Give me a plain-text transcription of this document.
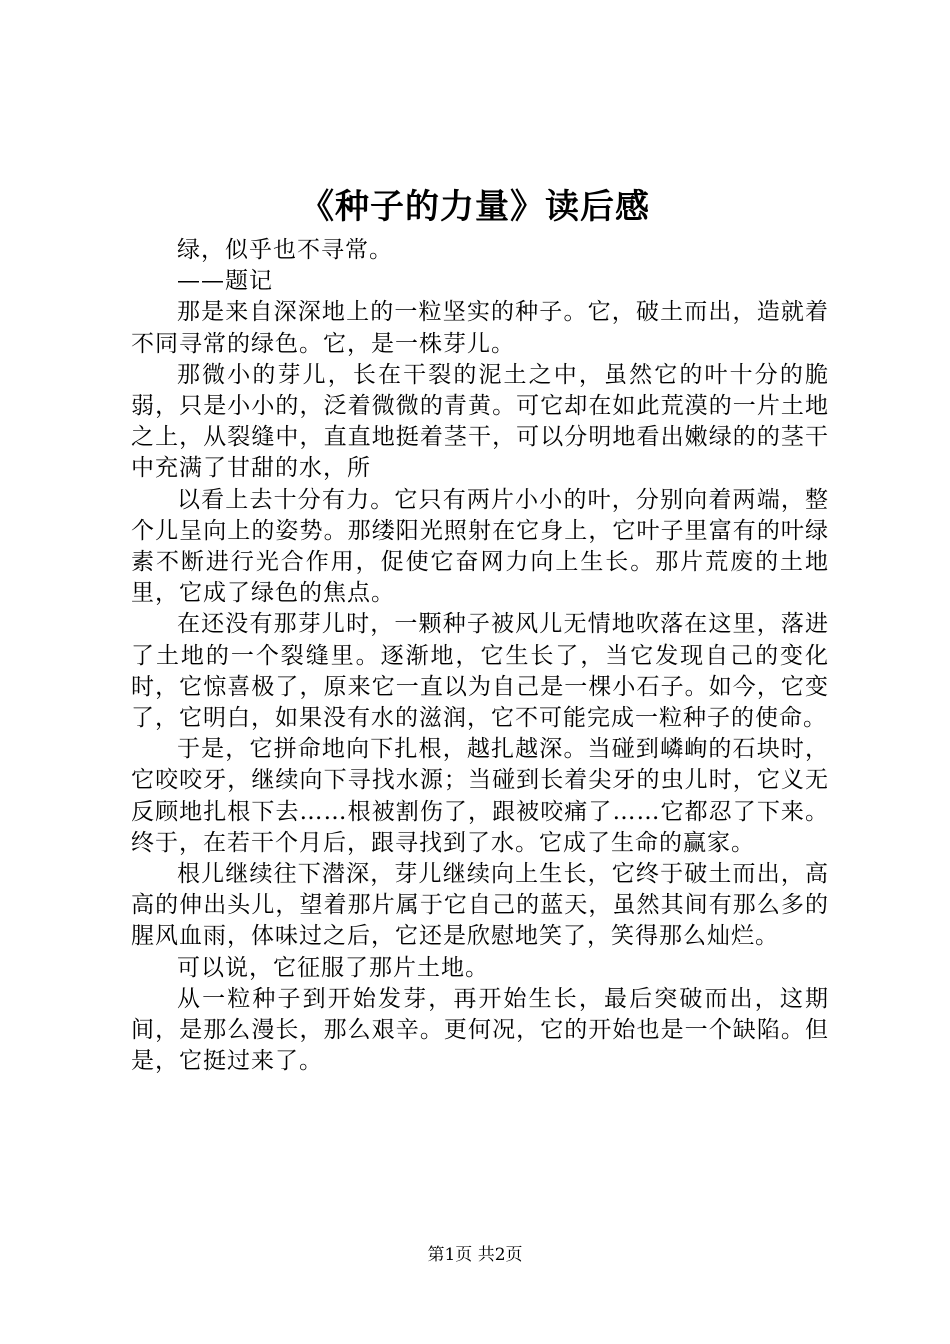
《种子的力量》读后感

绿，似乎也不寻常。

——题记

那是来自深深地上的一粒坚实的种子。它，破土而出，造就着不同寻常的绿色。它，是一株芽儿。

那微小的芽儿，长在干裂的泥土之中，虽然它的叶十分的脆弱，只是小小的，泛着微微的青黄。可它却在如此荒漠的一片土地之上，从裂缝中，直直地挺着茎干，可以分明地看出嫩绿的的茎干中充满了甘甜的水，所

以看上去十分有力。它只有两片小小的叶，分别向着两端，整个儿呈向上的姿势。那缕阳光照射在它身上，它叶子里富有的叶绿素不断进行光合作用，促使它奋网力向上生长。那片荒废的土地里，它成了绿色的焦点。

在还没有那芽儿时，一颗种子被风儿无情地吹落在这里，落进了土地的一个裂缝里。逐渐地，它生长了，当它发现自己的变化时，它惊喜极了，原来它一直以为自己是一棵小石子。如今，它变了，它明白，如果没有水的滋润，它不可能完成一粒种子的使命。

于是，它拼命地向下扎根，越扎越深。当碰到嶙峋的石块时，它咬咬牙，继续向下寻找水源；当碰到长着尖牙的虫儿时，它义无反顾地扎根下去……根被割伤了，跟被咬痛了……它都忍了下来。终于，在若干个月后，跟寻找到了水。它成了生命的赢家。

根儿继续往下潜深，芽儿继续向上生长，它终于破土而出，高高的伸出头儿，望着那片属于它自己的蓝天，虽然其间有那么多的腥风血雨，体味过之后，它还是欣慰地笑了，笑得那么灿烂。

可以说，它征服了那片土地。

从一粒种子到开始发芽，再开始生长，最后突破而出，这期间，是那么漫长，那么艰辛。更何况，它的开始也是一个缺陷。但是，它挺过来了。

第1页 共2页
